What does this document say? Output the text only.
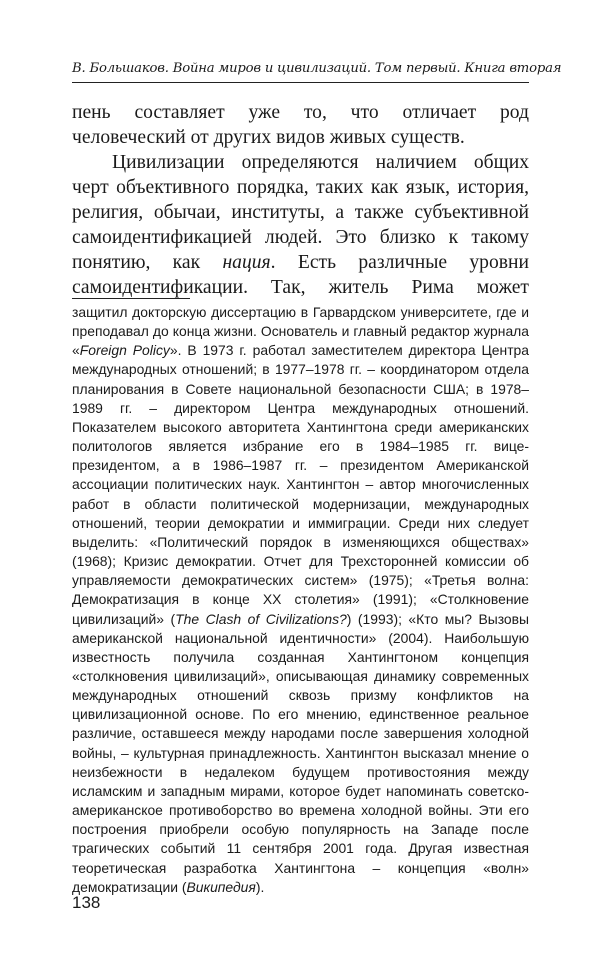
В. Большаков. Война миров и цивилизаций. Том первый. Книга вторая

пень составляет уже то, что отличает род человеческий от других видов живых существ.

Цивилизации определяются наличием общих черт объективного порядка, таких как язык, история, религия, обычаи, институты, а также субъективной самоидентификацией людей. Это близко к такому понятию, как нация. Есть различные уровни самоидентификации. Так, житель Рима может

защитил докторскую диссертацию в Гарвардском университете, где и преподавал до конца жизни. Основатель и главный редактор журнала «Foreign Policy». В 1973 г. работал заместителем директора Центра международных отношений; в 1977–1978 гг. – координатором отдела планирования в Совете национальной безопасности США; в 1978–1989 гг. – директором Центра международных отношений. Показателем высокого авторитета Хантингтона среди американских политологов является избрание его в 1984–1985 гг. вице-президентом, а в 1986–1987 гг. – президентом Американской ассоциации политических наук. Хантингтон – автор многочисленных работ в области политической модернизации, международных отношений, теории демократии и иммиграции. Среди них следует выделить: «Политический порядок в изменяющихся обществах» (1968); Кризис демократии. Отчет для Трехсторонней комиссии об управляемости демократических систем» (1975); «Третья волна: Демократизация в конце XX столетия» (1991); «Столкновение цивилизаций» (The Clash of Civilizations?) (1993); «Кто мы? Вызовы американской национальной идентичности» (2004). Наибольшую известность получила созданная Хантингтоном концепция «столкновения цивилизаций», описывающая динамику современных международных отношений сквозь призму конфликтов на цивилизационной основе. По его мнению, единственное реальное различие, оставшееся между народами после завершения холодной войны, – культурная принадлежность. Хантингтон высказал мнение о неизбежности в недалеком будущем противостояния между исламским и западным мирами, которое будет напоминать советско-американское противоборство во времена холодной войны. Эти его построения приобрели особую популярность на Западе после трагических событий 11 сентября 2001 года. Другая известная теоретическая разработка Хантингтона – концепция «волн» демократизации (Википедия).

138
